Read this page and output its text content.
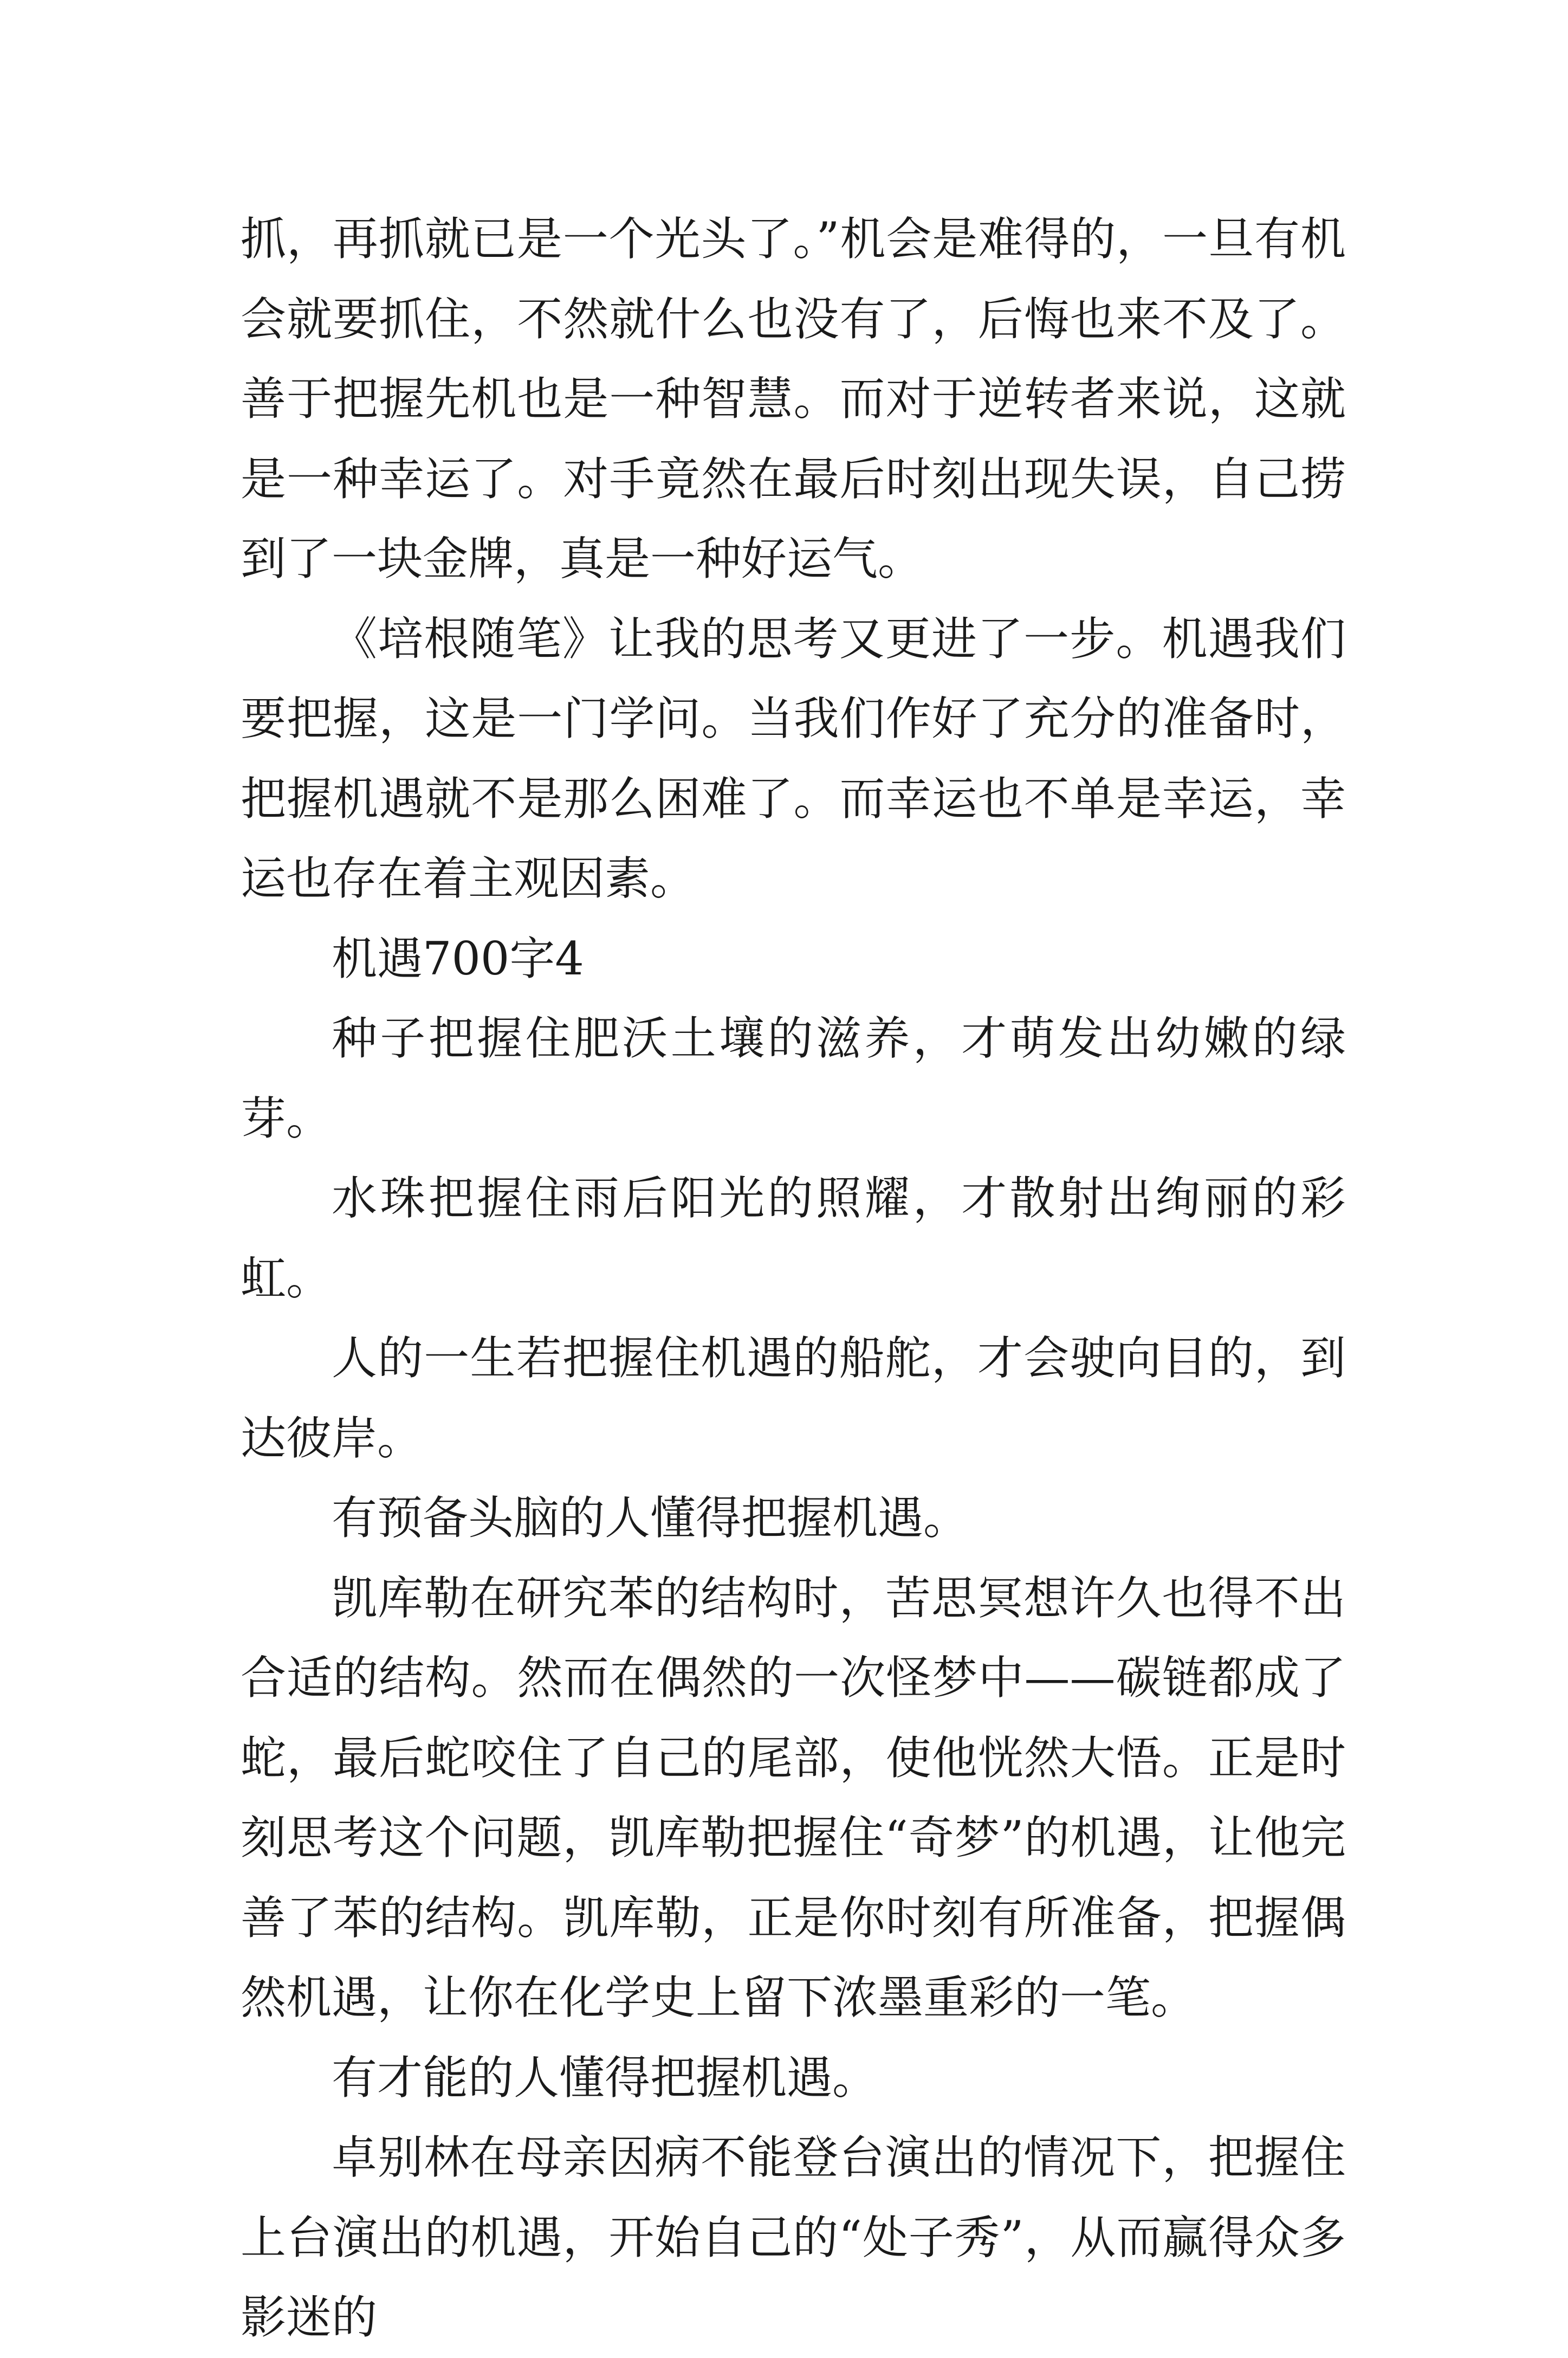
抓，再抓就已是一个光头了。”机会是难得的，一旦有机会就要抓住，不然就什么也没有了，后悔也来不及了。善于把握先机也是一种智慧。而对于逆转者来说，这就是一种幸运了。对手竟然在最后时刻出现失误，自己捞到了一块金牌，真是一种好运气。

《培根随笔》让我的思考又更进了一步。机遇我们要把握，这是一门学问。当我们作好了充分的准备时，把握机遇就不是那么困难了。而幸运也不单是幸运，幸运也存在着主观因素。

机遇700字4

种子把握住肥沃土壤的滋养，才萌发出幼嫩的绿芽。

水珠把握住雨后阳光的照耀，才散射出绚丽的彩虹。

人的一生若把握住机遇的船舵，才会驶向目的，到达彼岸。

有预备头脑的人懂得把握机遇。

凯库勒在研究苯的结构时，苦思冥想许久也得不出合适的结构。然而在偶然的一次怪梦中——碳链都成了蛇，最后蛇咬住了自己的尾部，使他恍然大悟。正是时刻思考这个问题，凯库勒把握住“奇梦”的机遇，让他完善了苯的结构。凯库勒，正是你时刻有所准备，把握偶然机遇，让你在化学史上留下浓墨重彩的一笔。

有才能的人懂得把握机遇。

卓别林在母亲因病不能登台演出的情况下，把握住上台演出的机遇，开始自己的“处子秀”，从而赢得众多影迷的
